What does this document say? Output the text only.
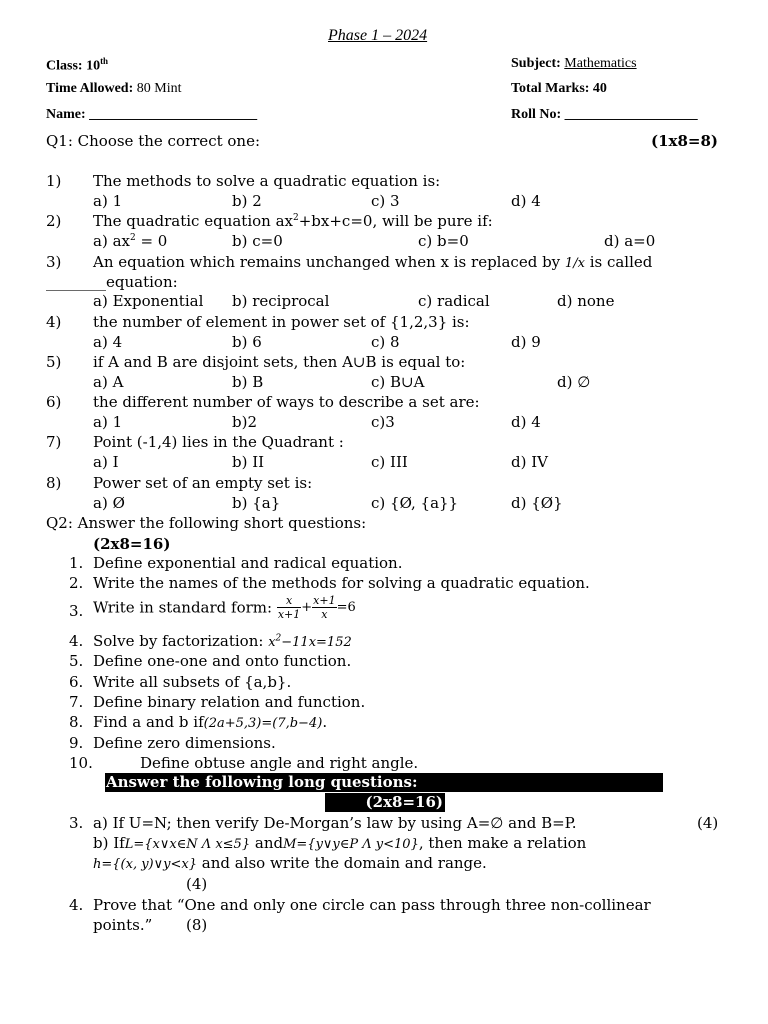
Phase 1 – 2024
Class: 10th	Subject: Mathematics
Time Allowed: 80 Mint	Total Marks: 40
Name: ________________________	Roll No: ___________________
Q1: Choose the correct one:	(1x8=8)
1) The methods to solve a quadratic equation is:
a) 1	b) 2	c) 3	d) 4
2) The quadratic equation $ax^2+bx+c=0$, will be pure if:
a) $ax^2 = 0$	b) c=0	c) b=0	d) a=0
3) An equation which remains unchanged when x is replaced by 1/x is called
________equation:
a) Exponential b) reciprocal	c) radical	d) none
4) the number of element in power set of {1,2,3} is:
a) 4	b) 6	c) 8	d) 9
5) if A and B are disjoint sets, then A∪B is equal to:
a) A	b) B	c) B∪A	d) ∅
6) the different number of ways to describe a set are:
a) 1	b)2	c)3	d) 4
7) Point (-1,4) lies in the Quadrant :
a) I	b) II	c) III	d) IV
8) Power set of an empty set is:
a) Ø	b) {a}	c) {Ø, {a}}	d) {Ø}
Q2: Answer the following short questions:
(2x8=16)
1. Define exponential and radical equation.
2. Write the names of the methods for solving a quadratic equation.
3. Write in standard form: $\frac{x}{x+1} + \frac{x+1}{x} =6$
4. Solve by factorization: $x^2-11x=152$
5. Define one-one and onto function.
6. Write all subsets of {a,b}.
7. Define binary relation and function.
8. Find a and b if(2a+5,3)=(7,b−4).
9. Define zero dimensions.
10.	Define obtuse angle and right angle.
Answer the following long questions:
(2x8=16)
3. a) If U=N; then verify De-Morgan’s law by using A=∅ and B=P.	(4)
b) IfL={x∨x∈N Λ x≤5} andM={y∨y∈P Λ y<10}, then make a relation
h={(x, y)∨y<x} and also write the domain and range.
(4)
4. Prove that “One and only one circle can pass through three non-collinear
points.” (8)
